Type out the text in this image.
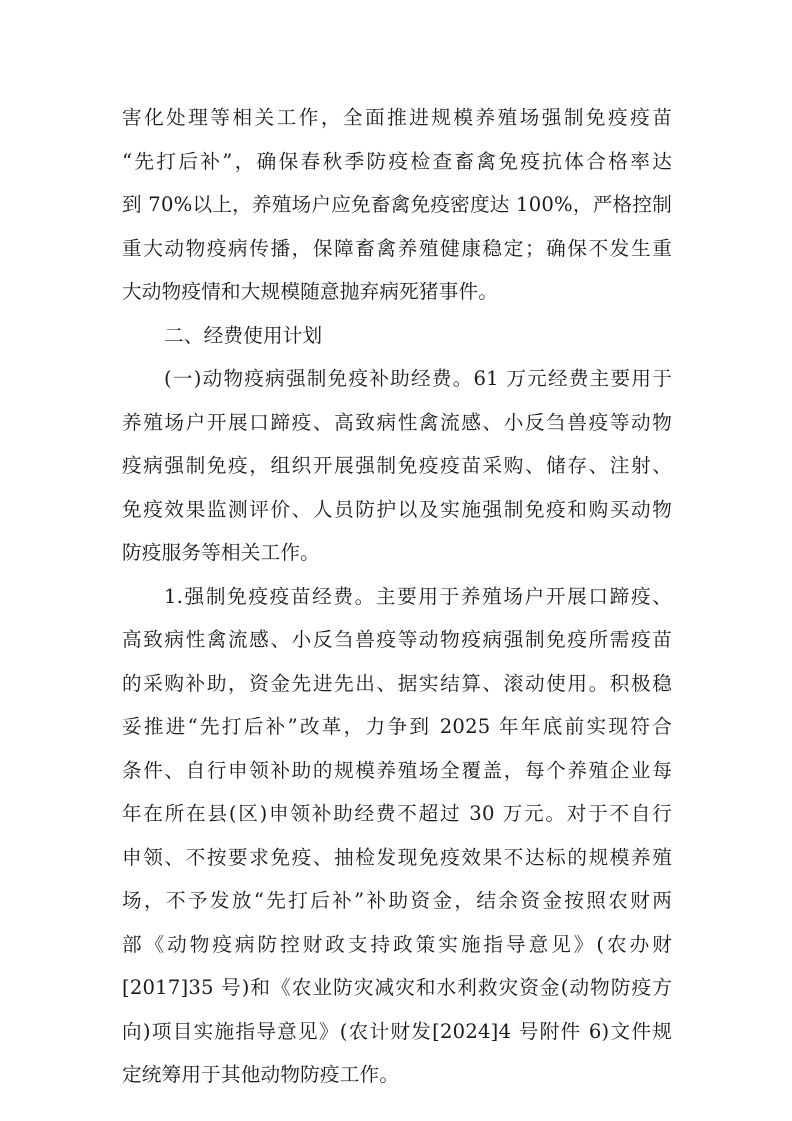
害化处理等相关工作，全面推进规模养殖场强制免疫疫苗
“先打后补”，确保春秋季防疫检查畜禽免疫抗体合格率达
到 70%以上，养殖场户应免畜禽免疫密度达 100%，严格控制
重大动物疫病传播，保障畜禽养殖健康稳定；确保不发生重
大动物疫情和大规模随意抛弃病死猪事件。
二、经费使用计划
(一)动物疫病强制免疫补助经费。61 万元经费主要用于
养殖场户开展口蹄疫、高致病性禽流感、小反刍兽疫等动物
疫病强制免疫，组织开展强制免疫疫苗采购、储存、注射、
免疫效果监测评价、人员防护以及实施强制免疫和购买动物
防疫服务等相关工作。
1.强制免疫疫苗经费。主要用于养殖场户开展口蹄疫、
高致病性禽流感、小反刍兽疫等动物疫病强制免疫所需疫苗
的采购补助，资金先进先出、据实结算、滚动使用。积极稳
妥推进“先打后补”改革，力争到 2025 年年底前实现符合
条件、自行申领补助的规模养殖场全覆盖，每个养殖企业每
年在所在县(区)申领补助经费不超过 30 万元。对于不自行
申领、不按要求免疫、抽检发现免疫效果不达标的规模养殖
场，不予发放“先打后补”补助资金，结余资金按照农财两
部《动物疫病防控财政支持政策实施指导意见》(农办财
[2017]35 号)和《农业防灾减灾和水利救灾资金(动物防疫方
向)项目实施指导意见》(农计财发[2024]4 号附件 6)文件规
定统筹用于其他动物防疫工作。
